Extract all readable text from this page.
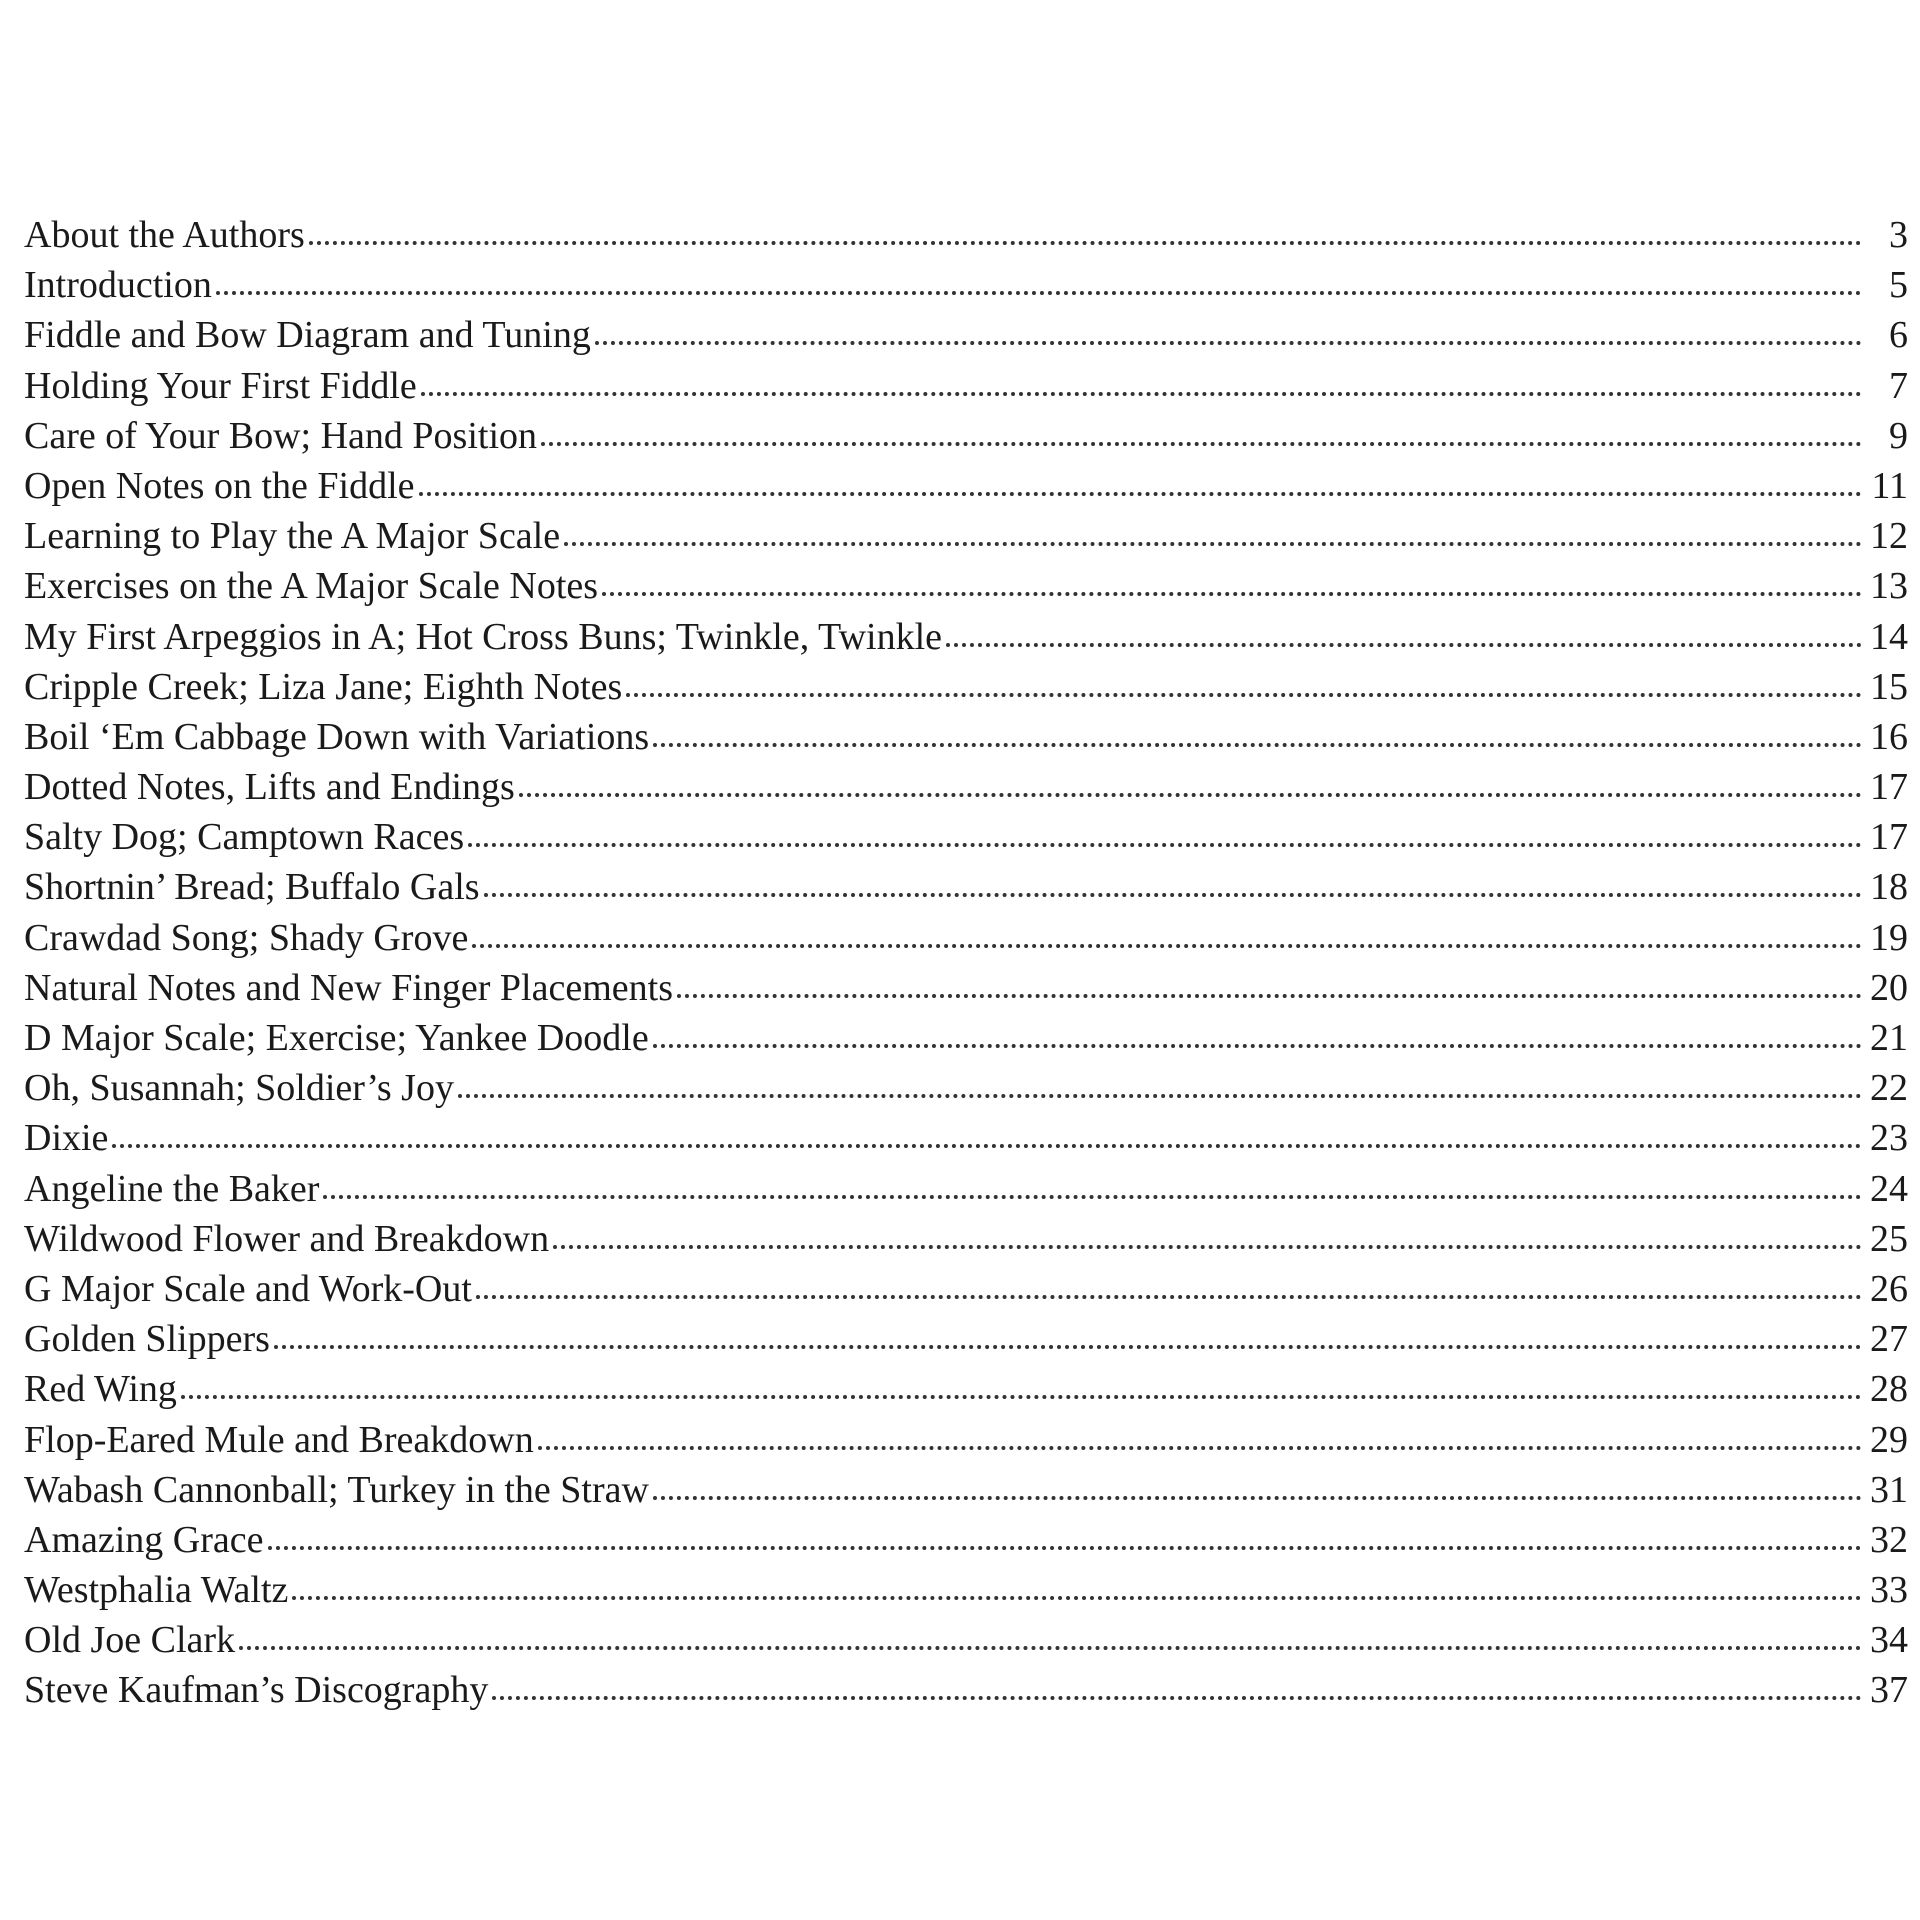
About the Authors	3
Introduction	5
Fiddle and Bow Diagram and Tuning	6
Holding Your First Fiddle	7
Care of Your Bow; Hand Position	9
Open Notes on the Fiddle	11
Learning to Play the A Major Scale	12
Exercises on the A Major Scale Notes	13
My First Arpeggios in A; Hot Cross Buns; Twinkle, Twinkle	14
Cripple Creek; Liza Jane; Eighth Notes	15
Boil ‘Em Cabbage Down with Variations	16
Dotted Notes, Lifts and Endings	17
Salty Dog; Camptown Races	17
Shortnin’ Bread; Buffalo Gals	18
Crawdad Song; Shady Grove	19
Natural Notes and New Finger Placements	20
D Major Scale; Exercise; Yankee Doodle	21
Oh, Susannah; Soldier’s Joy	22
Dixie	23
Angeline the Baker	24
Wildwood Flower and Breakdown	25
G Major Scale and Work-Out	26
Golden Slippers	27
Red Wing	28
Flop-Eared Mule and Breakdown	29
Wabash Cannonball; Turkey in the Straw	31
Amazing Grace	32
Westphalia Waltz	33
Old Joe Clark	34
Steve Kaufman’s Discography	37
